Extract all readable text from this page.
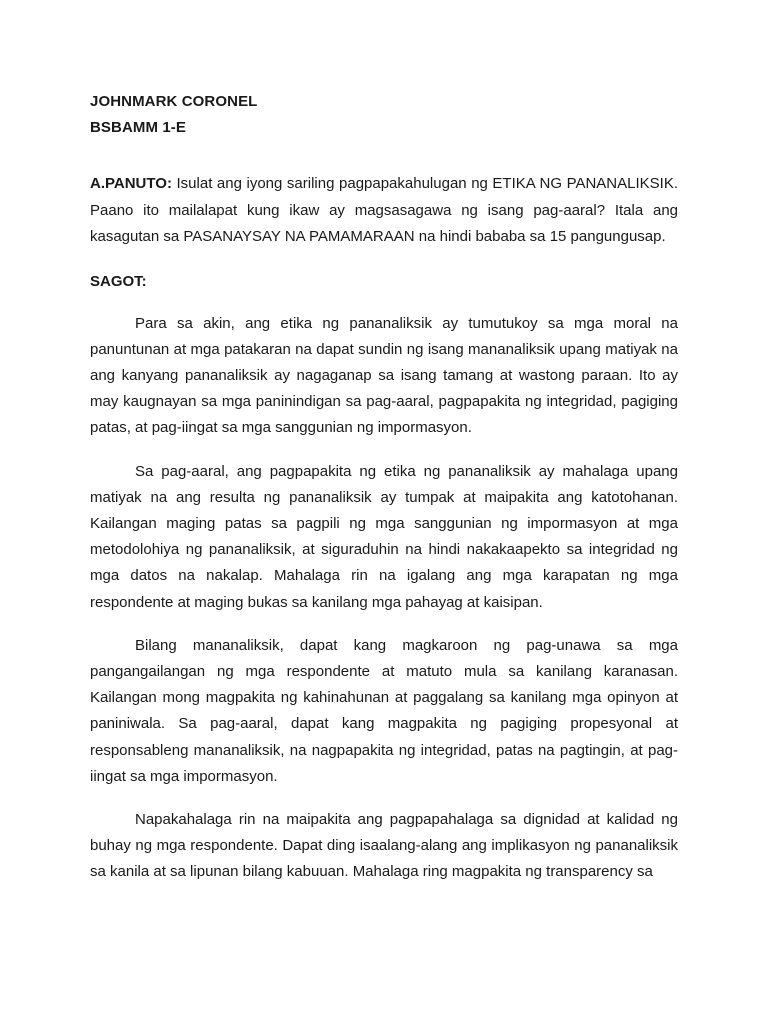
JOHNMARK CORONEL
BSBAMM 1-E
A.PANUTO: Isulat ang iyong sariling pagpapakahulugan ng ETIKA NG PANANALIKSIK. Paano ito mailalapat kung ikaw ay magsasagawa ng isang pag-aaral? Itala ang kasagutan sa PASANAYSAY NA PAMAMARAAN na hindi bababa sa 15 pangungusap.
SAGOT:
Para sa akin, ang etika ng pananaliksik ay tumutukoy sa mga moral na panuntunan at mga patakaran na dapat sundin ng isang mananaliksik upang matiyak na ang kanyang pananaliksik ay nagaganap sa isang tamang at wastong paraan. Ito ay may kaugnayan sa mga paninindigan sa pag-aaral, pagpapakita ng integridad, pagiging patas, at pag-iingat sa mga sanggunian ng impormasyon.
Sa pag-aaral, ang pagpapakita ng etika ng pananaliksik ay mahalaga upang matiyak na ang resulta ng pananaliksik ay tumpak at maipakita ang katotohanan. Kailangan maging patas sa pagpili ng mga sanggunian ng impormasyon at mga metodolohiya ng pananaliksik, at siguraduhin na hindi nakakaapekto sa integridad ng mga datos na nakalap. Mahalaga rin na igalang ang mga karapatan ng mga respondente at maging bukas sa kanilang mga pahayag at kaisipan.
Bilang mananaliksik, dapat kang magkaroon ng pag-unawa sa mga pangangailangan ng mga respondente at matuto mula sa kanilang karanasan. Kailangan mong magpakita ng kahinahunan at paggalang sa kanilang mga opinyon at paniniwala. Sa pag-aaral, dapat kang magpakita ng pagiging propesyonal at responsableng mananaliksik, na nagpapakita ng integridad, patas na pagtingin, at pag-iingat sa mga impormasyon.
Napakahalaga rin na maipakita ang pagpapahalaga sa dignidad at kalidad ng buhay ng mga respondente. Dapat ding isaalang-alang ang implikasyon ng pananaliksik sa kanila at sa lipunan bilang kabuuan. Mahalaga ring magpakita ng transparency sa
